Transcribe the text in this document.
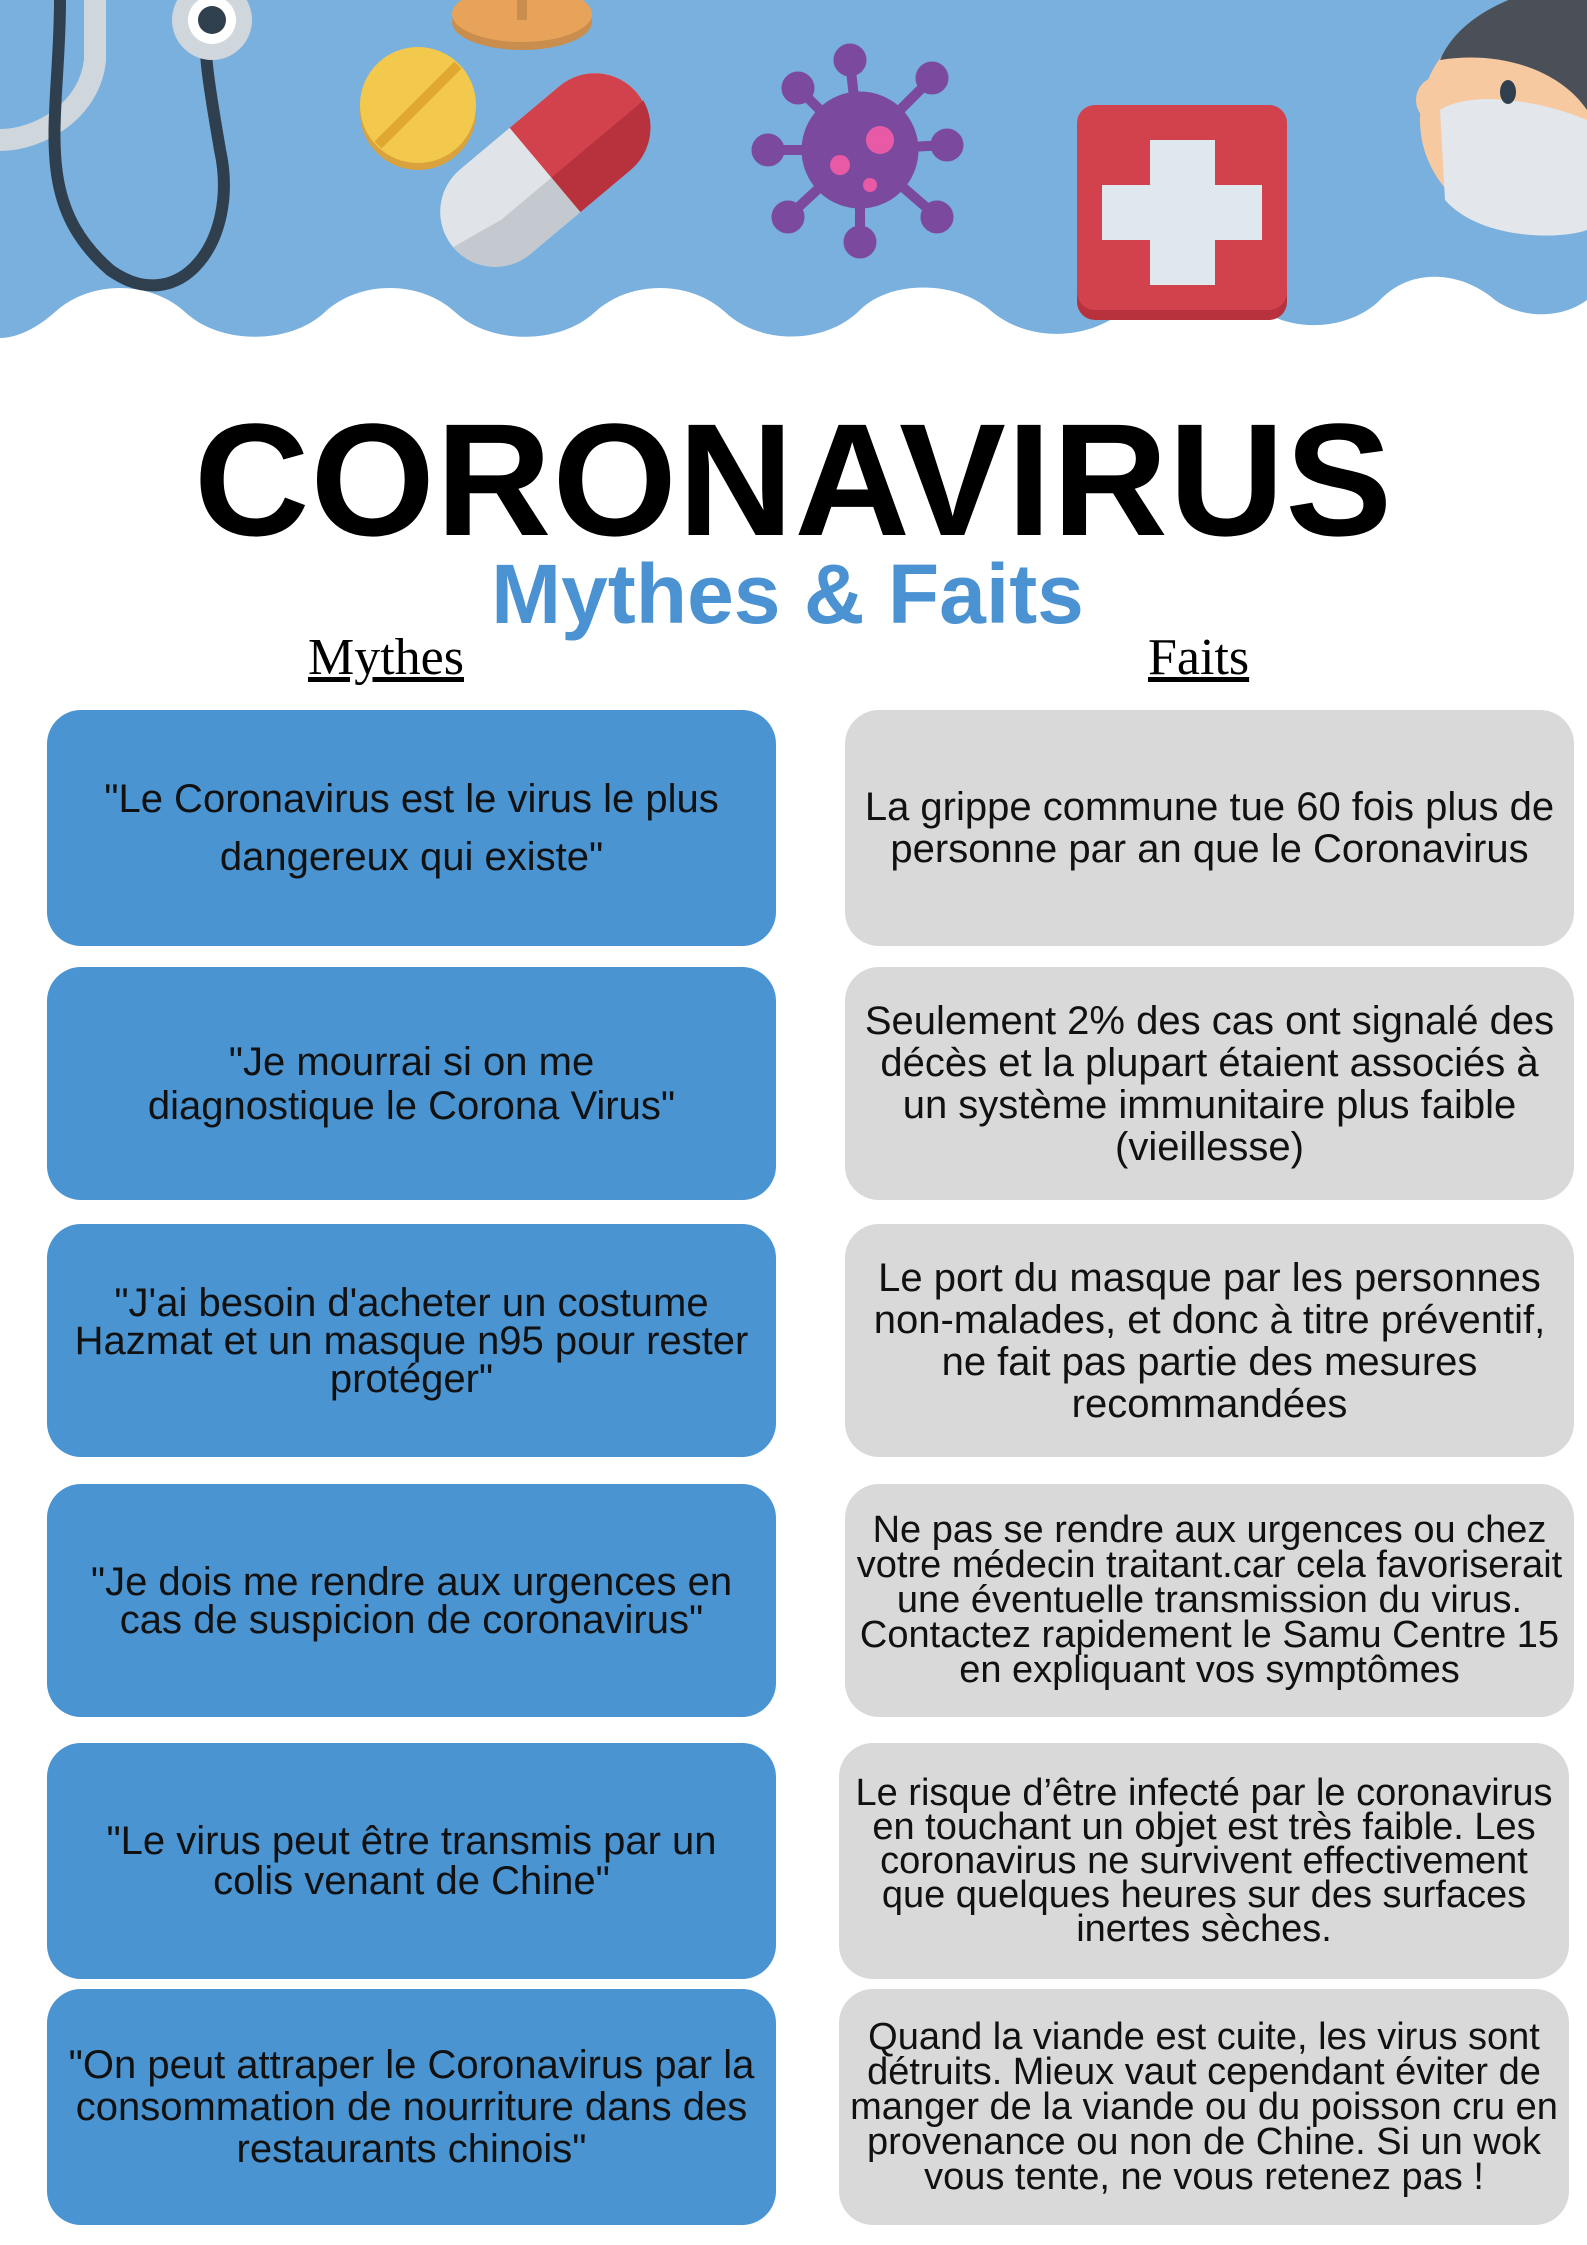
CORONAVIRUS
Mythes & Faits
Mythes	Faits
"Le Coronavirus est le virus le plus dangereux qui existe"
La grippe commune tue 60 fois plus de personne par an que le Coronavirus
"Je mourrai si on me diagnostique le Corona Virus"
Seulement 2% des cas ont signalé des décès et la plupart étaient associés à un système immunitaire plus faible (vieillesse)
"J'ai besoin d'acheter un costume Hazmat et un masque n95 pour rester protéger"
Le port du masque par les personnes non-malades, et donc à titre préventif, ne fait pas partie des mesures recommandées
"Je dois me rendre aux urgences en cas de suspicion de coronavirus"
Ne pas se rendre aux urgences ou chez votre médecin traitant.car cela favoriserait une éventuelle transmission du virus. Contactez rapidement le Samu Centre 15 en expliquant vos symptômes
"Le virus peut être transmis par un colis venant de Chine"
Le risque d’être infecté par le coronavirus en touchant un objet est très faible. Les coronavirus ne survivent effectivement que quelques heures sur des surfaces inertes sèches.
"On peut attraper le Coronavirus par la consommation de nourriture dans des restaurants chinois"
Quand la viande est cuite, les virus sont détruits. Mieux vaut cependant éviter de manger de la viande ou du poisson cru en provenance ou non de Chine. Si un wok vous tente, ne vous retenez pas !
